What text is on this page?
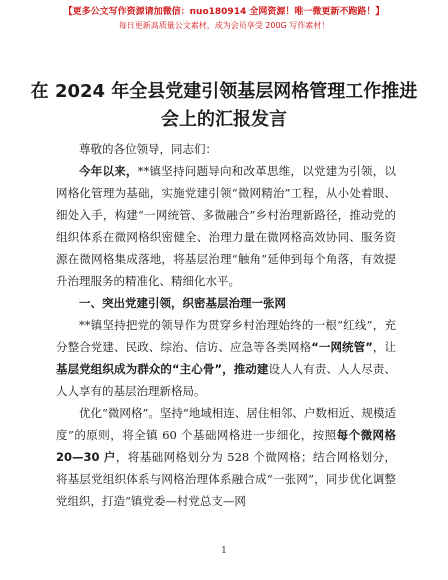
【更多公文写作资源请加微信：nuo180914 全网资源！唯一微更新不跑路！】
每日更新高质量公文素材，成为会员享受 200G 写作素材！
在 2024 年全县党建引领基层网格管理工作推进会上的汇报发言

尊敬的各位领导，同志们：

今年以来，**镇坚持问题导向和改革思维，以党建为引领，以网格化管理为基础，实施党建引领“微网精治”工程，从小处着眼、细处入手，构建“一网统管、多微融合”乡村治理新路径，推动党的组织体系在微网格织密健全、治理力量在微网格高效协同、服务资源在微网格集成落地，将基层治理“触角”延伸到每个角落，有效提升治理服务的精准化、精细化水平。

一、突出党建引领，织密基层治理一张网

**镇坚持把党的领导作为贯穿乡村治理始终的一根“红线”，充分整合党建、民政、综治、信访、应急等各类网格“一网统管”，让基层党组织成为群众的“主心骨”，推动建设人人有责、人人尽责、人人享有的基层治理新格局。

优化“微网格”。坚持“地域相连、居住相邻、户数相近、规模适度”的原则，将全镇 60 个基础网格进一步细化，按照每个微网格 20—30 户，将基础网格划分为 528 个微网格；结合网格划分，将基层党组织体系与网格治理体系融合成“一张网”，同步优化调整党组织，打造“镇党委—村党总支—网

1
